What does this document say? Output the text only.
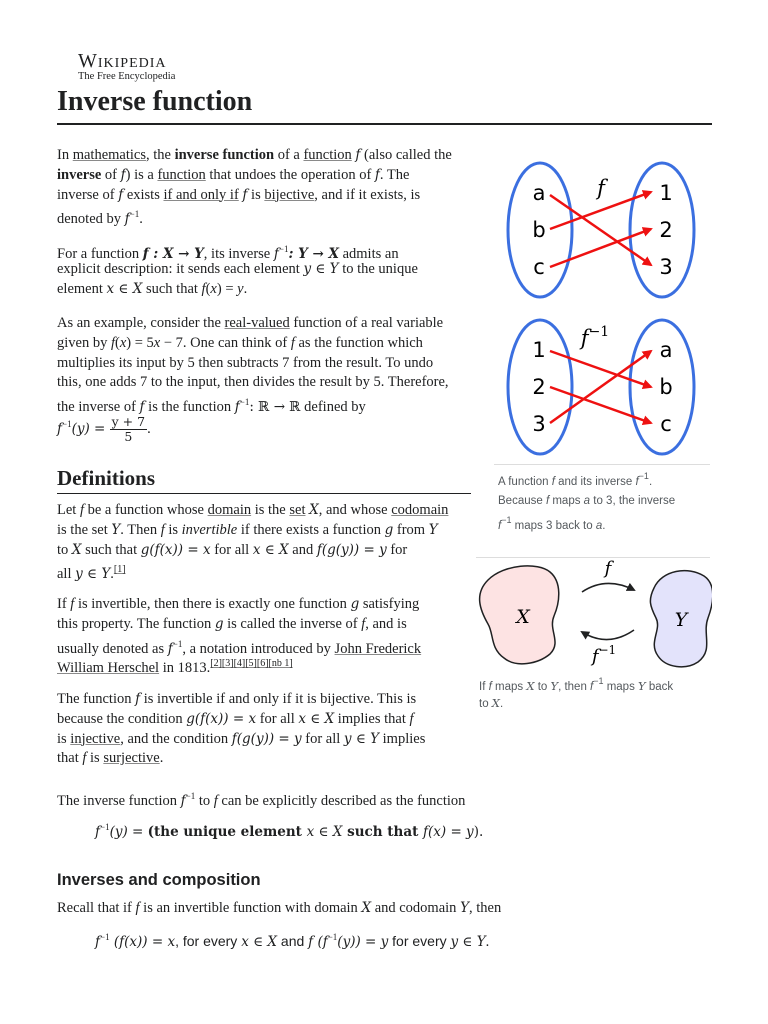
Wikipedia
The Free Encyclopedia
Inverse function
In mathematics, the inverse function of a function f (also called the
inverse of f) is a function that undoes the operation of f. The
inverse of f exists if and only if f is bijective, and if it exists, is
denoted by $f^{-1}$.
For a function f : X → Y, its inverse $f^{-1}$: Y → X admits an
explicit description: it sends each element y ∈ Y to the unique
element x ∈ X such that f(x) = y.
As an example, consider the real-valued function of a real variable
given by f(x) = 5x − 7. One can think of f as the function which
multiplies its input by 5 then subtracts 7 from the result. To undo
this, one adds 7 to the input, then divides the result by 5. Therefore,
the inverse of f is the function $f^{-1}$: ℝ → ℝ defined by
$f^{-1}(y) = \frac{y + 7}{5}$ .
Definitions
Let f be a function whose domain is the set X, and whose codomain
is the set Y. Then f is invertible if there exists a function g from Y
to X such that g(f(x)) = x for all x ∈ X and f(g(y)) = y for
all y ∈ Y.[1]
If f is invertible, then there is exactly one function g satisfying
this property. The function g is called the inverse of f, and is
usually denoted as $f^{-1}$, a notation introduced by John Frederick
William Herschel in 1813.[2][3][4][5][6][nb 1]
The function f is invertible if and only if it is bijective. This is
because the condition g(f(x)) = x for all x ∈ X implies that f
is injective, and the condition f(g(y)) = y for all y ∈ Y implies
that f is surjective.
The inverse function $f^{-1}$ to f can be explicitly described as the function
$f^{-1}(y) = (the$ unique element x ∈ X such that f(x) = y).
Inverses and composition
Recall that if f is an invertible function with domain X and codomain Y, then
$f^{-1}$ (f(x)) = x, for every x ∈ X and f $(f^{-1}(y)) = y$ for every y ∈ Y.
a
b
c
1
2
3
f
1
2
3
a
b
c
$f^{-1}$
A function f and its inverse $f^{-1}$.
Because f maps a to 3, the inverse
$f^{-1}$ maps 3 back to a.
X	Y
f
$f^{-1}$
If f maps X to Y, then $f^{-1}$ maps Y back
to X.
